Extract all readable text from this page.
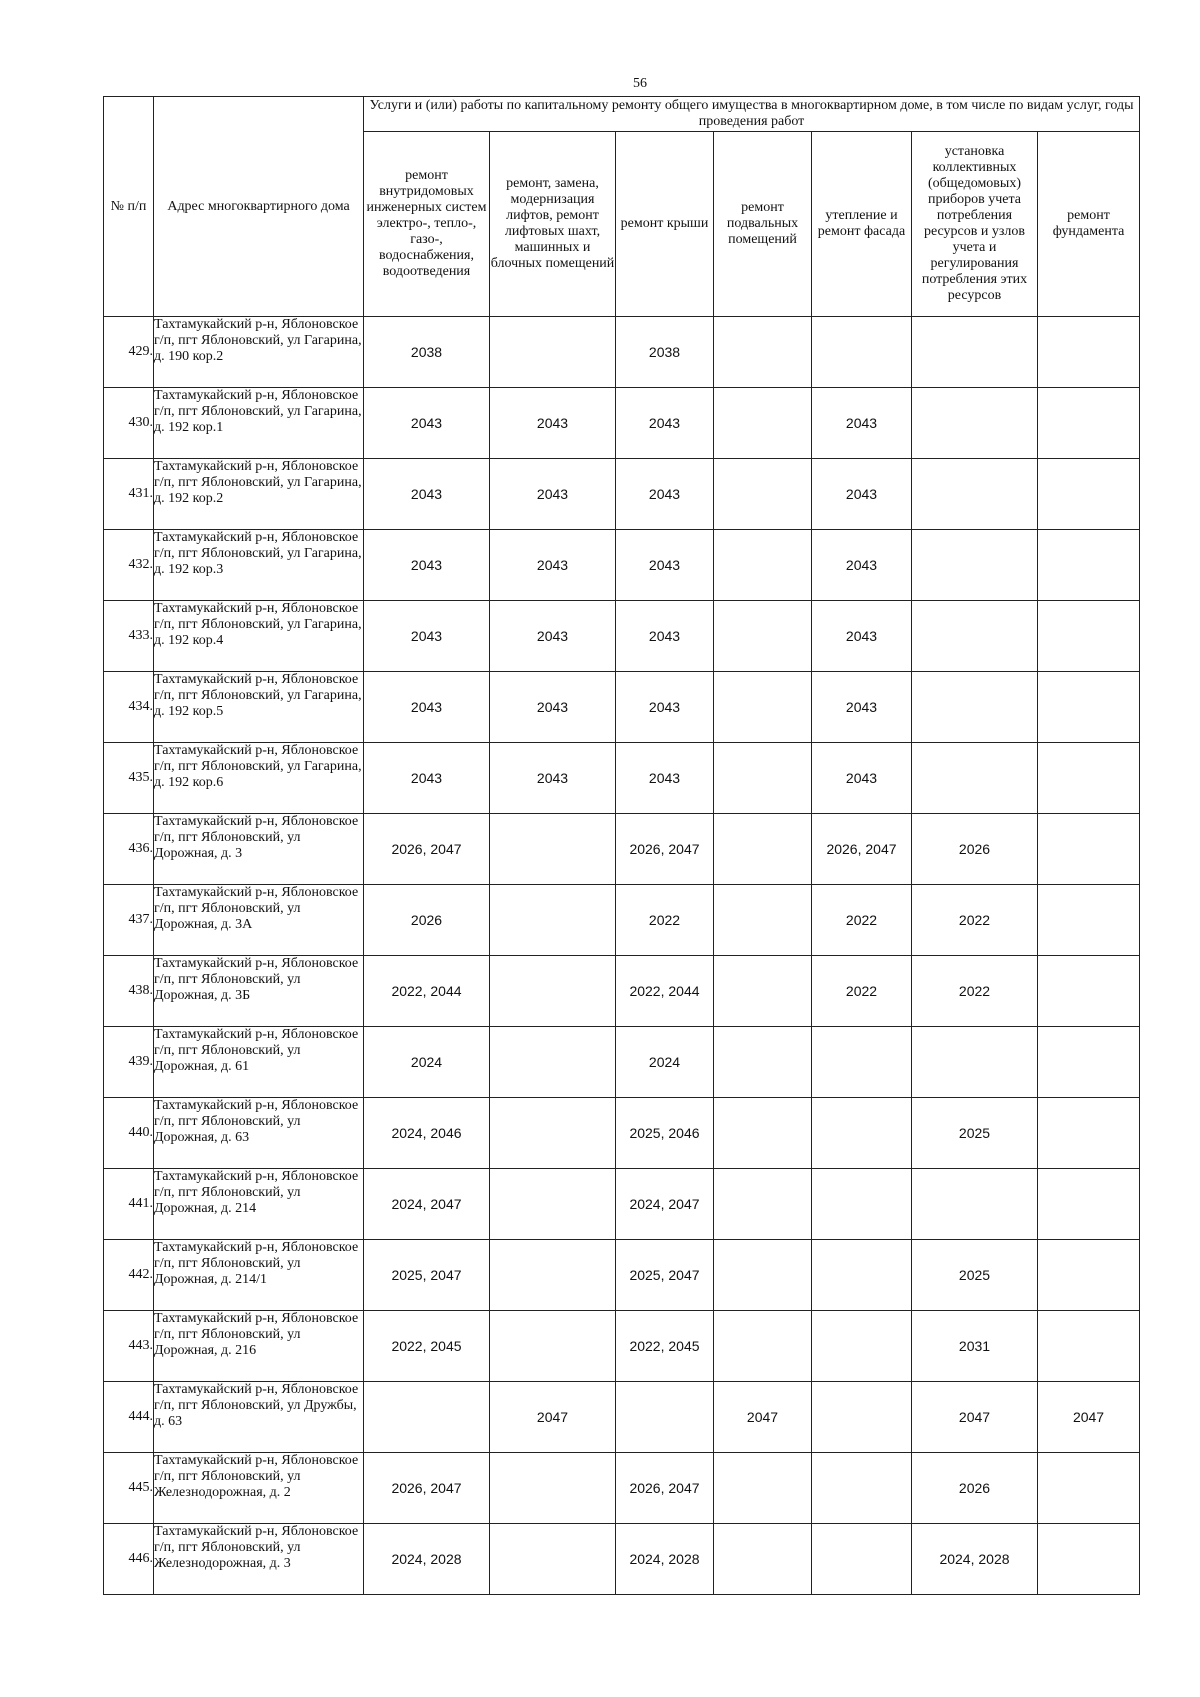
56
№ п/п	Адрес многоквартирного дома	Услуги и (или) работы по капитальному ремонту общего имущества в многоквартирном доме, в том числе по видам услуг, годы проведения работ						
		ремонт внутридомовых инженерных систем электро-, тепло-, газо-, водоснабжения, водоотведения	ремонт, замена, модернизация лифтов, ремонт лифтовых шахт, машинных и блочных помещений	ремонт крыши	ремонт подвальных помещений	утепление и ремонт фасада	установка коллективных (общедомовых) приборов учета потребления ресурсов и узлов учета и регулирования потребления этих ресурсов	ремонт фундамента
429.	Тахтамукайский р-н, Яблоновское г/п, пгт Яблоновский, ул Гагарина, д. 190 кор.2	2038		2038				
430.	Тахтамукайский р-н, Яблоновское г/п, пгт Яблоновский, ул Гагарина, д. 192 кор.1	2043	2043	2043		2043		
431.	Тахтамукайский р-н, Яблоновское г/п, пгт Яблоновский, ул Гагарина, д. 192 кор.2	2043	2043	2043		2043		
432.	Тахтамукайский р-н, Яблоновское г/п, пгт Яблоновский, ул Гагарина, д. 192 кор.3	2043	2043	2043		2043		
433.	Тахтамукайский р-н, Яблоновское г/п, пгт Яблоновский, ул Гагарина, д. 192 кор.4	2043	2043	2043		2043		
434.	Тахтамукайский р-н, Яблоновское г/п, пгт Яблоновский, ул Гагарина, д. 192 кор.5	2043	2043	2043		2043		
435.	Тахтамукайский р-н, Яблоновское г/п, пгт Яблоновский, ул Гагарина, д. 192 кор.6	2043	2043	2043		2043		
436.	Тахтамукайский р-н, Яблоновское г/п, пгт Яблоновский, ул Дорожная, д. 3	2026, 2047		2026, 2047		2026, 2047	2026	
437.	Тахтамукайский р-н, Яблоновское г/п, пгт Яблоновский, ул Дорожная, д. 3А	2026		2022		2022	2022	
438.	Тахтамукайский р-н, Яблоновское г/п, пгт Яблоновский, ул Дорожная, д. 3Б	2022, 2044		2022, 2044		2022	2022	
439.	Тахтамукайский р-н, Яблоновское г/п, пгт Яблоновский, ул Дорожная, д. 61	2024		2024				
440.	Тахтамукайский р-н, Яблоновское г/п, пгт Яблоновский, ул Дорожная, д. 63	2024, 2046		2025, 2046			2025	
441.	Тахтамукайский р-н, Яблоновское г/п, пгт Яблоновский, ул Дорожная, д. 214	2024, 2047		2024, 2047				
442.	Тахтамукайский р-н, Яблоновское г/п, пгт Яблоновский, ул Дорожная, д. 214/1	2025, 2047		2025, 2047			2025	
443.	Тахтамукайский р-н, Яблоновское г/п, пгт Яблоновский, ул Дорожная, д. 216	2022, 2045		2022, 2045			2031	
444.	Тахтамукайский р-н, Яблоновское г/п, пгт Яблоновский, ул Дружбы, д. 63		2047		2047		2047	2047
445.	Тахтамукайский р-н, Яблоновское г/п, пгт Яблоновский, ул Железнодорожная, д. 2	2026, 2047		2026, 2047			2026	
446.	Тахтамукайский р-н, Яблоновское г/п, пгт Яблоновский, ул Железнодорожная, д. 3	2024, 2028		2024, 2028			2024, 2028	
